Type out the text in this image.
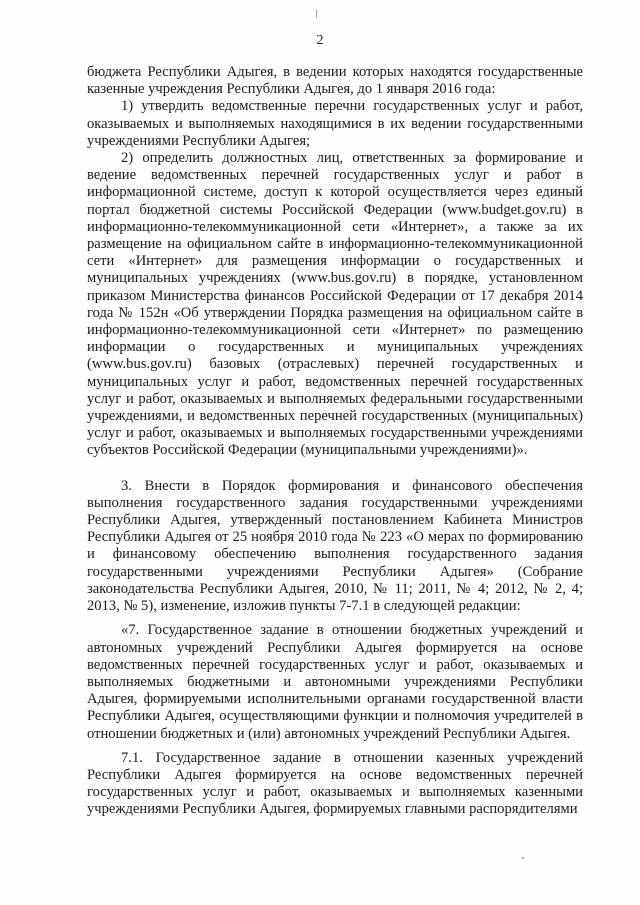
2

бюджета Республики Адыгея, в ведении которых находятся государственные казенные учреждения Республики Адыгея, до 1 января 2016 года:

1) утвердить ведомственные перечни государственных услуг и работ, оказываемых и выполняемых находящимися в их ведении государственными учреждениями Республики Адыгея;

2) определить должностных лиц, ответственных за формирование и ведение ведомственных перечней государственных услуг и работ в информационной системе, доступ к которой осуществляется через единый портал бюджетной системы Российской Федерации (www.budget.gov.ru) в информационно-телекоммуникационной сети «Интернет», а также за их размещение на официальном сайте в информационно-телекоммуникационной сети «Интернет» для размещения информации о государственных и муниципальных учреждениях (www.bus.gov.ru) в порядке, установленном приказом Министерства финансов Российской Федерации от 17 декабря 2014 года № 152н «Об утверждении Порядка размещения на официальном сайте в информационно-телекоммуникационной сети «Интернет» по размещению информации о государственных и муниципальных учреждениях (www.bus.gov.ru) базовых (отраслевых) перечней государственных и муниципальных услуг и работ, ведомственных перечней государственных услуг и работ, оказываемых и выполняемых федеральными государственными учреждениями, и ведомственных перечней государственных (муниципальных) услуг и работ, оказываемых и выполняемых государственными учреждениями субъектов Российской Федерации (муниципальными учреждениями)».

3. Внести в Порядок формирования и финансового обеспечения выполнения государственного задания государственными учреждениями Республики Адыгея, утвержденный постановлением Кабинета Министров Республики Адыгея от 25 ноября 2010 года № 223 «О мерах по формированию и финансовому обеспечению выполнения государственного задания государственными учреждениями Республики Адыгея» (Собрание законодательства Республики Адыгея, 2010, № 11; 2011, № 4; 2012, № 2, 4; 2013, № 5), изменение, изложив пункты 7-7.1 в следующей редакции:

«7. Государственное задание в отношении бюджетных учреждений и автономных учреждений Республики Адыгея формируется на основе ведомственных перечней государственных услуг и работ, оказываемых и выполняемых бюджетными и автономными учреждениями Республики Адыгея, формируемыми исполнительными органами государственной власти Республики Адыгея, осуществляющими функции и полномочия учредителей в отношении бюджетных и (или) автономных учреждений Республики Адыгея.

7.1. Государственное задание в отношении казенных учреждений Республики Адыгея формируется на основе ведомственных перечней государственных услуг и работ, оказываемых и выполняемых казенными учреждениями Республики Адыгея, формируемых главными распорядителями
